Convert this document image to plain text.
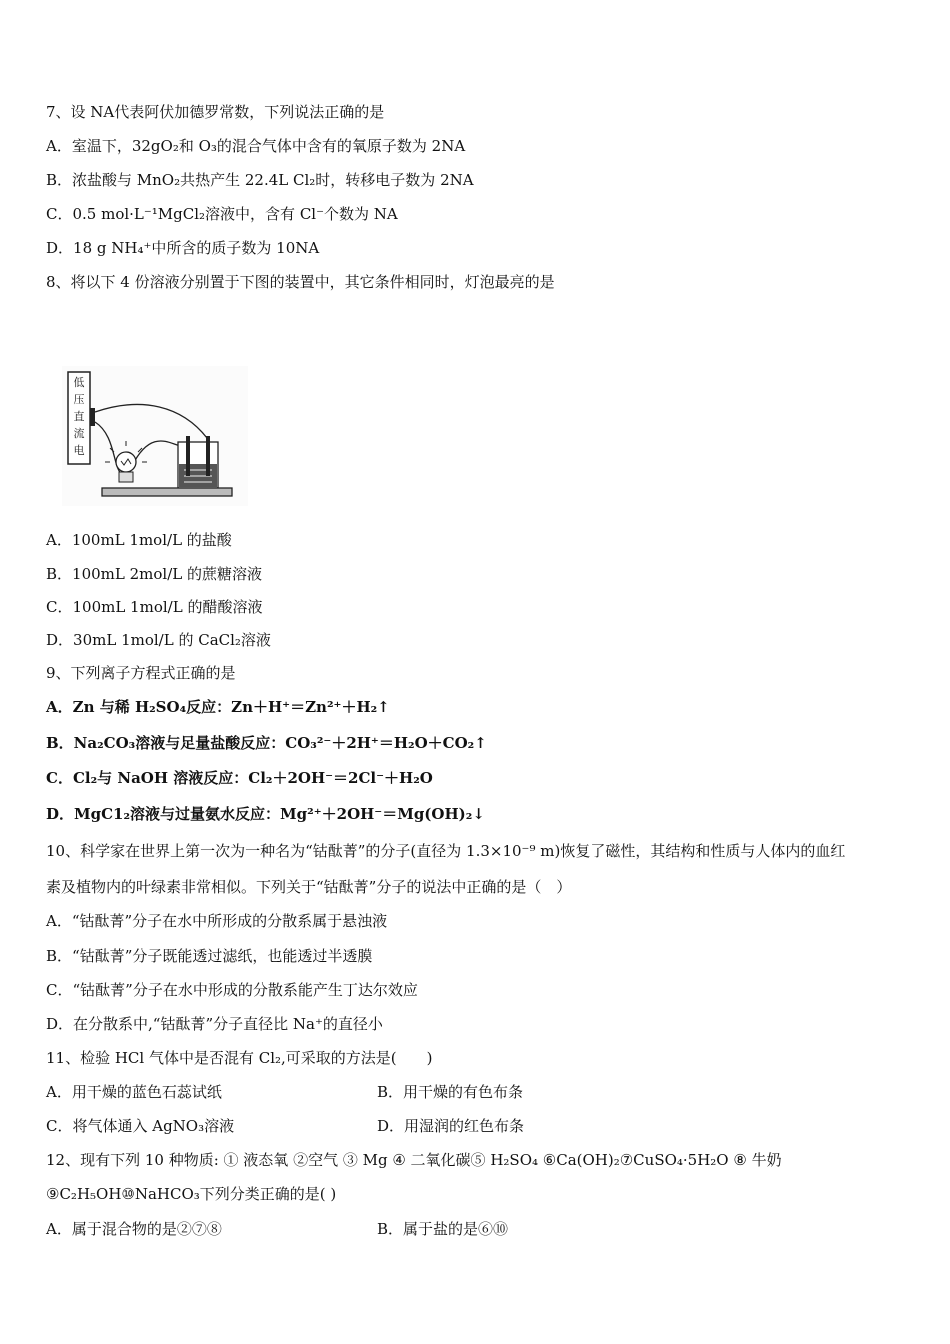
7、设 NA代表阿伏加德罗常数，下列说法正确的是
A．室温下，32gO₂和 O₃的混合气体中含有的氧原子数为 2NA
B．浓盐酸与 MnO₂共热产生 22.4L Cl₂时，转移电子数为 2NA
C．0.5 mol·L⁻¹MgCl₂溶液中，含有 Cl⁻个数为 NA
D．18 g NH₄⁺中所含的质子数为 10NA
8、将以下 4 份溶液分别置于下图的装置中，其它条件相同时，灯泡最亮的是
低
压
直
流
电
A．100mL 1mol/L 的盐酸
B．100mL 2mol/L 的蔗糖溶液
C．100mL 1mol/L 的醋酸溶液
D．30mL 1mol/L 的 CaCl₂溶液
9、下列离子方程式正确的是
A．Zn 与稀 H₂SO₄反应：Zn＋H⁺＝Zn²⁺＋H₂↑
B．Na₂CO₃溶液与足量盐酸反应：CO₃²⁻＋2H⁺＝H₂O＋CO₂↑
C．Cl₂与 NaOH 溶液反应：Cl₂＋2OH⁻＝2Cl⁻＋H₂O
D．MgC1₂溶液与过量氨水反应：Mg²⁺＋2OH⁻＝Mg(OH)₂↓
10、科学家在世界上第一次为一种名为“钴酞菁”的分子(直径为 1.3×10⁻⁹ m)恢复了磁性，其结构和性质与人体内的血红
素及植物内的叶绿素非常相似。下列关于“钴酞菁”分子的说法中正确的是（　）
A．“钴酞菁”分子在水中所形成的分散系属于悬浊液
B．“钴酞菁”分子既能透过滤纸，也能透过半透膜
C．“钴酞菁”分子在水中形成的分散系能产生丁达尔效应
D．在分散系中,“钴酞菁”分子直径比 Na⁺的直径小
11、检验 HCl 气体中是否混有 Cl₂,可采取的方法是(　　)
A．用干燥的蓝色石蕊试纸	B．用干燥的有色布条
C．将气体通入 AgNO₃溶液	D．用湿润的红色布条
12、现有下列 10 种物质: ① 液态氧 ②空气 ③ Mg ④ 二氧化碳⑤ H₂SO₄ ⑥Ca(OH)₂⑦CuSO₄·5H₂O ⑧ 牛奶
⑨C₂H₅OH⑩NaHCO₃下列分类正确的是( )
A．属于混合物的是②⑦⑧	B．属于盐的是⑥⑩
